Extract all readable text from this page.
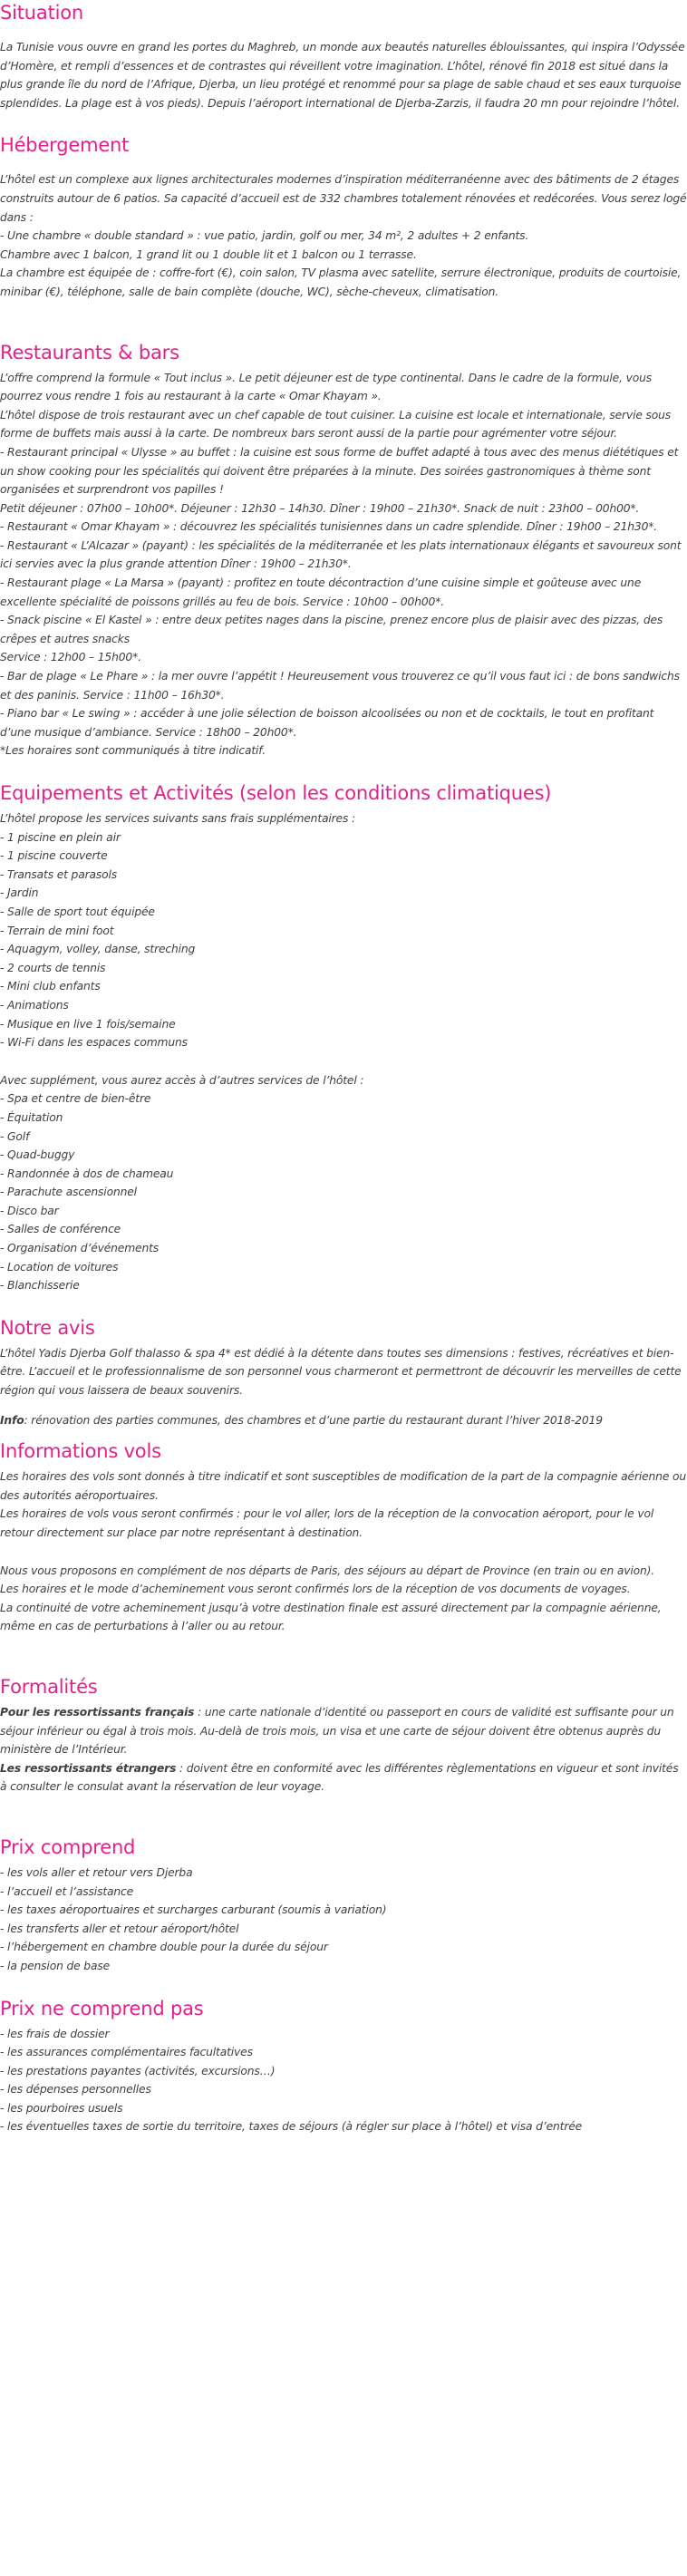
Situation

La Tunisie vous ouvre en grand les portes du Maghreb, un monde aux beautés naturelles éblouissantes, qui inspira l’Odyssée d’Homère, et rempli d’essences et de contrastes qui réveillent votre imagination. L’hôtel, rénové fin 2018 est situé dans la plus grande île du nord de l’Afrique, Djerba, un lieu protégé et renommé pour sa plage de sable chaud et ses eaux turquoise splendides. La plage est à vos pieds). Depuis l’aéroport international de Djerba-Zarzis, il faudra 20 mn pour rejoindre l’hôtel.

Hébergement

L’hôtel est un complexe aux lignes architecturales modernes d’inspiration méditerranéenne avec des bâtiments de 2 étages construits autour de 6 patios. Sa capacité d’accueil est de 332 chambres totalement rénovées et redécorées. Vous serez logé dans :

- Une chambre « double standard » : vue patio, jardin, golf ou mer, 34 m², 2 adultes + 2 enfants.

Chambre avec 1 balcon, 1 grand lit ou 1 double lit et 1 balcon ou 1 terrasse.

La chambre est équipée de : coffre-fort (€), coin salon, TV plasma avec satellite, serrure électronique, produits de courtoisie, minibar (€), téléphone, salle de bain complète (douche, WC), sèche-cheveux, climatisation.

Restaurants & bars

L’offre comprend la formule « Tout inclus ». Le petit déjeuner est de type continental. Dans le cadre de la formule, vous pourrez vous rendre 1 fois au restaurant à la carte « Omar Khayam ».

L’hôtel dispose de trois restaurant avec un chef capable de tout cuisiner. La cuisine est locale et internationale, servie sous forme de buffets mais aussi à la carte. De nombreux bars seront aussi de la partie pour agrémenter votre séjour.

- Restaurant principal « Ulysse » au buffet : la cuisine est sous forme de buffet adapté à tous avec des menus diététiques et un show cooking pour les spécialités qui doivent être préparées à la minute. Des soirées gastronomiques à thème sont organisées et surprendront vos papilles !

Petit déjeuner : 07h00 – 10h00*. Déjeuner : 12h30 – 14h30. Dîner : 19h00 – 21h30*. Snack de nuit : 23h00 – 00h00*.

- Restaurant « Omar Khayam » : découvrez les spécialités tunisiennes dans un cadre splendide. Dîner : 19h00 – 21h30*.

- Restaurant « L’Alcazar » (payant) : les spécialités de la méditerranée et les plats internationaux élégants et savoureux sont ici servies avec la plus grande attention Dîner : 19h00 – 21h30*.

- Restaurant plage « La Marsa » (payant) : profitez en toute décontraction d’une cuisine simple et goûteuse avec une excellente spécialité de poissons grillés au feu de bois. Service : 10h00 – 00h00*.

- Snack piscine « El Kastel » : entre deux petites nages dans la piscine, prenez encore plus de plaisir avec des pizzas, des crêpes et autres snacks

Service : 12h00 – 15h00*.

- Bar de plage « Le Phare » : la mer ouvre l’appétit ! Heureusement vous trouverez ce qu’il vous faut ici : de bons sandwichs et des paninis. Service : 11h00 – 16h30*.

- Piano bar « Le swing » : accéder à une jolie sélection de boisson alcoolisées ou non et de cocktails, le tout en profitant d’une musique d’ambiance. Service : 18h00 – 20h00*.

*Les horaires sont communiqués à titre indicatif.

Equipements et Activités (selon les conditions climatiques)

L’hôtel propose les services suivants sans frais supplémentaires :

- 1 piscine en plein air
- 1 piscine couverte
- Transats et parasols
- Jardin
- Salle de sport tout équipée
- Terrain de mini foot
- Aquagym, volley, danse, streching
- 2 courts de tennis
- Mini club enfants
- Animations
- Musique en live 1 fois/semaine
- Wi-Fi dans les espaces communs

Avec supplément, vous aurez accès à d’autres services de l’hôtel :

- Spa et centre de bien-être
- Équitation
- Golf
- Quad-buggy
- Randonnée à dos de chameau
- Parachute ascensionnel
- Disco bar
- Salles de conférence
- Organisation d’événements
- Location de voitures
- Blanchisserie
Notre avis

L’hôtel Yadis Djerba Golf thalasso & spa 4* est dédié à la détente dans toutes ses dimensions : festives, récréatives et bien-être. L’accueil et le professionnalisme de son personnel vous charmeront et permettront de découvrir les merveilles de cette région qui vous laissera de beaux souvenirs.

Info: rénovation des parties communes, des chambres et d’une partie du restaurant durant l’hiver 2018-2019

Informations vols

Les horaires des vols sont donnés à titre indicatif et sont susceptibles de modification de la part de la compagnie aérienne ou des autorités aéroportuaires.

Les horaires de vols vous seront confirmés : pour le vol aller, lors de la réception de la convocation aéroport, pour le vol retour directement sur place par notre représentant à destination.

Nous vous proposons en complément de nos départs de Paris, des séjours au départ de Province (en train ou en avion).

Les horaires et le mode d’acheminement vous seront confirmés lors de la réception de vos documents de voyages.

La continuité de votre acheminement jusqu’à votre destination finale est assuré directement par la compagnie aérienne, même en cas de perturbations à l’aller ou au retour.

Formalités

Pour les ressortissants français : une carte nationale d’identité ou passeport en cours de validité est suffisante pour un séjour inférieur ou égal à trois mois. Au-delà de trois mois, un visa et une carte de séjour doivent être obtenus auprès du ministère de l’Intérieur.

Les ressortissants étrangers : doivent être en conformité avec les différentes règlementations en vigueur et sont invités à consulter le consulat avant la réservation de leur voyage.

Prix comprend
- les vols aller et retour vers Djerba
- l’accueil et l’assistance
- les taxes aéroportuaires et surcharges carburant (soumis à variation)
- les transferts aller et retour aéroport/hôtel
- l’hébergement en chambre double pour la durée du séjour
- la pension de base
Prix ne comprend pas
- les frais de dossier
- les assurances complémentaires facultatives
- les prestations payantes (activités, excursions…)
- les dépenses personnelles
- les pourboires usuels
- les éventuelles taxes de sortie du territoire, taxes de séjours (à régler sur place à l’hôtel) et visa d’entrée
